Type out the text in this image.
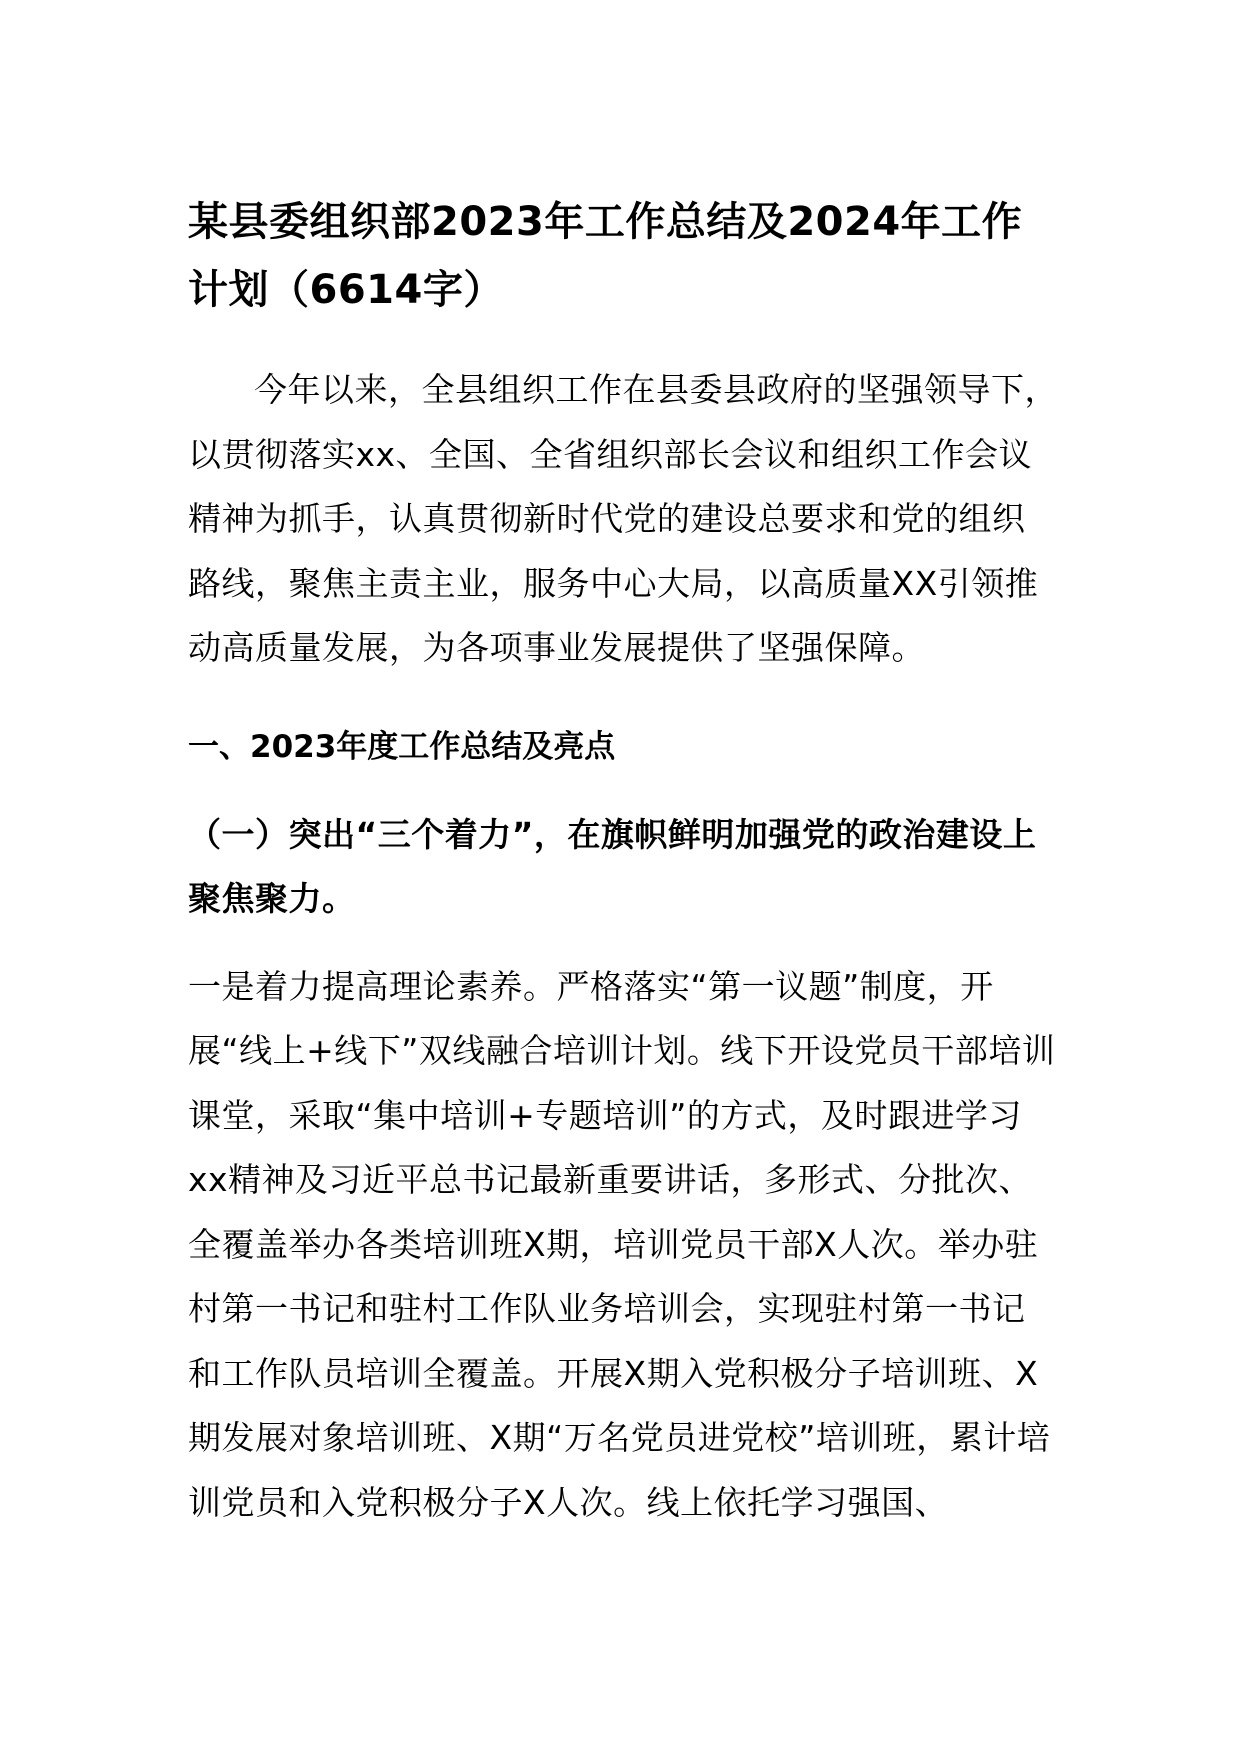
某县委组织部2023年工作总结及2024年工作计划（6614字）

今年以来，全县组织工作在县委县政府的坚强领导下，以贯彻落实xx、全国、全省组织部长会议和组织工作会议精神为抓手，认真贯彻新时代党的建设总要求和党的组织路线，聚焦主责主业，服务中心大局，以高质量XX引领推动高质量发展，为各项事业发展提供了坚强保障。

一、2023年度工作总结及亮点
（一）突出“三个着力”，在旗帜鲜明加强党的政治建设上聚焦聚力。

一是着力提高理论素养。严格落实“第一议题”制度，开展“线上+线下”双线融合培训计划。线下开设党员干部培训课堂，采取“集中培训+专题培训”的方式，及时跟进学习xx精神及习近平总书记最新重要讲话，多形式、分批次、全覆盖举办各类培训班X期，培训党员干部X人次。举办驻村第一书记和驻村工作队业务培训会，实现驻村第一书记和工作队员培训全覆盖。开展X期入党积极分子培训班、X期发展对象培训班、X期“万名党员进党校”培训班，累计培训党员和入党积极分子X人次。线上依托学习强国、
